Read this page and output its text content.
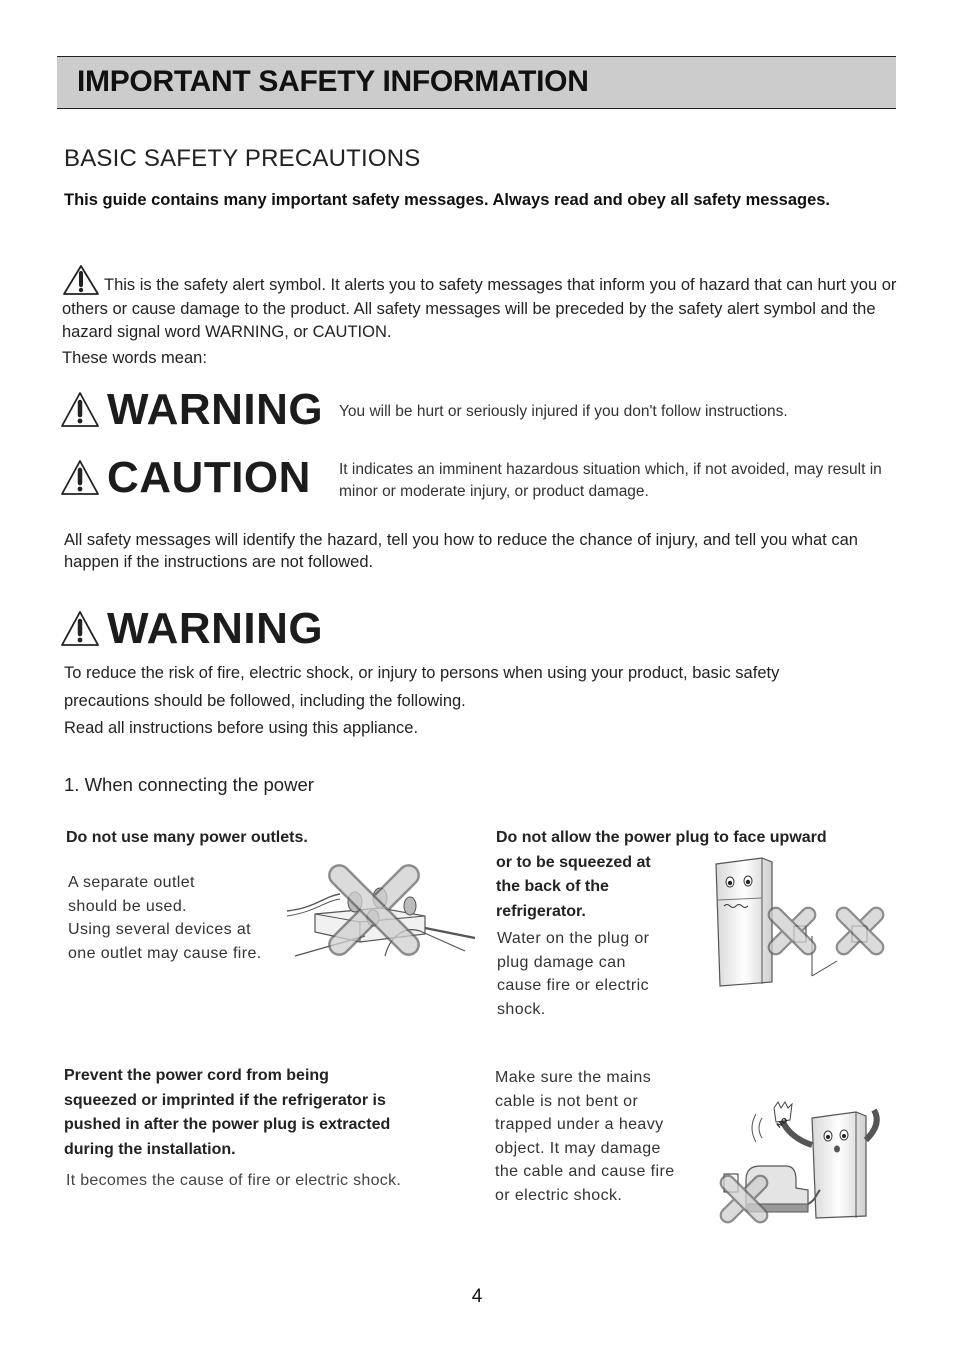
IMPORTANT SAFETY INFORMATION
BASIC SAFETY PRECAUTIONS
This guide contains many important safety messages. Always read and obey all safety messages.
This is the safety alert symbol. It alerts you to safety messages that inform you of hazard that can hurt you or others or cause damage to the product. All safety messages will be preceded by the safety alert symbol and the hazard signal word WARNING, or CAUTION.
These words mean:
WARNING You will be hurt or seriously injured if you don't follow instructions.
CAUTION It indicates an imminent hazardous situation which, if not avoided, may result in minor or moderate injury, or product damage.
All safety messages will identify the hazard, tell you how to reduce the chance of injury, and tell you what can happen if the instructions are not followed.
WARNING
To reduce the risk of fire, electric shock, or injury to persons when using your product, basic safety
precautions should be followed, including the following.
Read all instructions before using this appliance.
1. When connecting the power
Do not use many power outlets.
A separate outlet
should be used.
Using several devices at
one outlet may cause fire.
Do not allow the power plug to face upward
or to be squeezed at
the back of the
refrigerator.
Water on the plug or
plug damage can
cause fire or electric
shock.
Prevent the power cord from being
squeezed or imprinted if the refrigerator is
pushed in after the power plug is extracted
during the installation.
It becomes the cause of fire or electric shock.
Make sure the mains
cable is not bent or
trapped under a heavy
object. It may damage
the cable and cause fire
or electric shock.
NO
4
